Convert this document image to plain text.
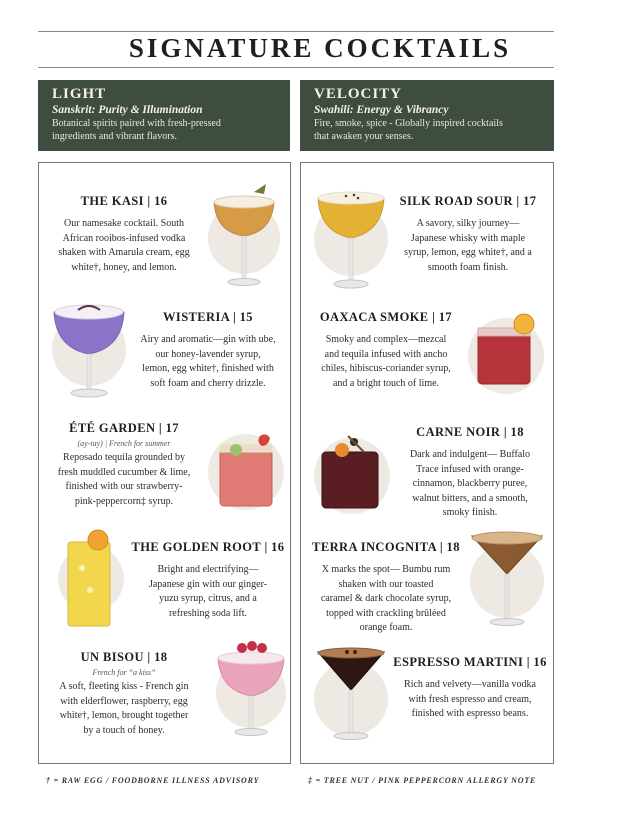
SIGNATURE COCKTAILS
LIGHT
Sanskrit: Purity & Illumination
Botanical spirits paired with fresh-pressed
ingredients and vibrant flavors.
VELOCITY
Swahili: Energy & Vibrancy
Fire, smoke, spice - Globally inspired cocktails
that awaken your senses.
THE KASI | 16
Our namesake cocktail. South
African rooibos-infused vodka
shaken with Amarula cream, egg
white†, honey, and lemon.
WISTERIA | 15
Airy and aromatic—gin with ube,
our honey-lavender syrup,
lemon, egg white†, finished with
soft foam and cherry drizzle.
ÉTÉ GARDEN | 17
(ay-tay) | French for summer
Reposado tequila grounded by
fresh muddled cucumber & lime,
finished with our strawberry-
pink-peppercorn‡ syrup.
THE GOLDEN ROOT | 16
Bright and electrifying—
Japanese gin with our ginger-
yuzu syrup, citrus, and a
refreshing soda lift.
UN BISOU | 18
French for “a kiss”
A soft, fleeting kiss - French gin
with elderflower, raspberry, egg
white†, lemon, brought together
by a touch of honey.
SILK ROAD SOUR | 17
A savory, silky journey—
Japanese whisky with maple
syrup, lemon, egg white†, and a
smooth foam finish.
OAXACA SMOKE | 17
Smoky and complex—mezcal
and tequila infused with ancho
chiles, hibiscus-coriander syrup,
and a bright touch of lime.
CARNE NOIR | 18
Dark and indulgent— Buffalo
Trace infused with orange-
cinnamon, blackberry puree,
walnut bitters, and a smooth,
smoky finish.
TERRA INCOGNITA | 18
X marks the spot— Bumbu rum
shaken with our toasted
caramel & dark chocolate syrup,
topped with crackling brûléed
orange foam.
ESPRESSO MARTINI | 16
Rich and velvety—vanilla vodka
with fresh espresso and cream,
finished with espresso beans.
† = RAW EGG / FOODBORNE ILLNESS ADVISORY	‡ = TREE NUT / PINK PEPPERCORN ALLERGY NOTE
